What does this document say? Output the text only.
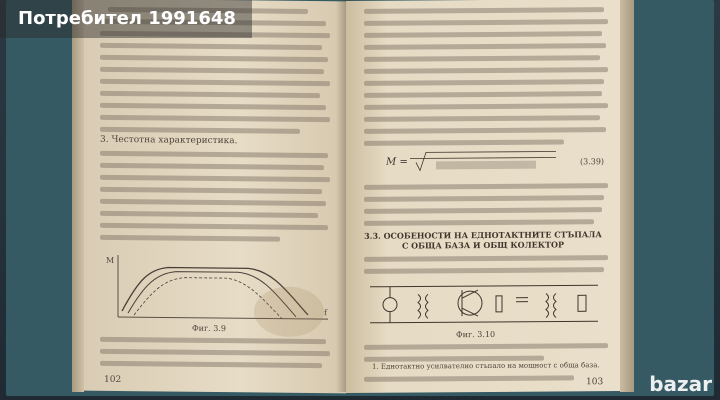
3. Честотна характеристика.
M
f
Фиг. 3.9
102
M =	(3.39)
3.3. ОСОБЕНОСТИ НА ЕДНОТАКТНИТЕ СТЪПАЛА
С ОБЩА БАЗА И ОБЩ КОЛЕКТОР
Фиг. 3.10
1. Еднотактно усилвателно стъпало на мощност с обща база.
103
Потребител 1991648
bazar
